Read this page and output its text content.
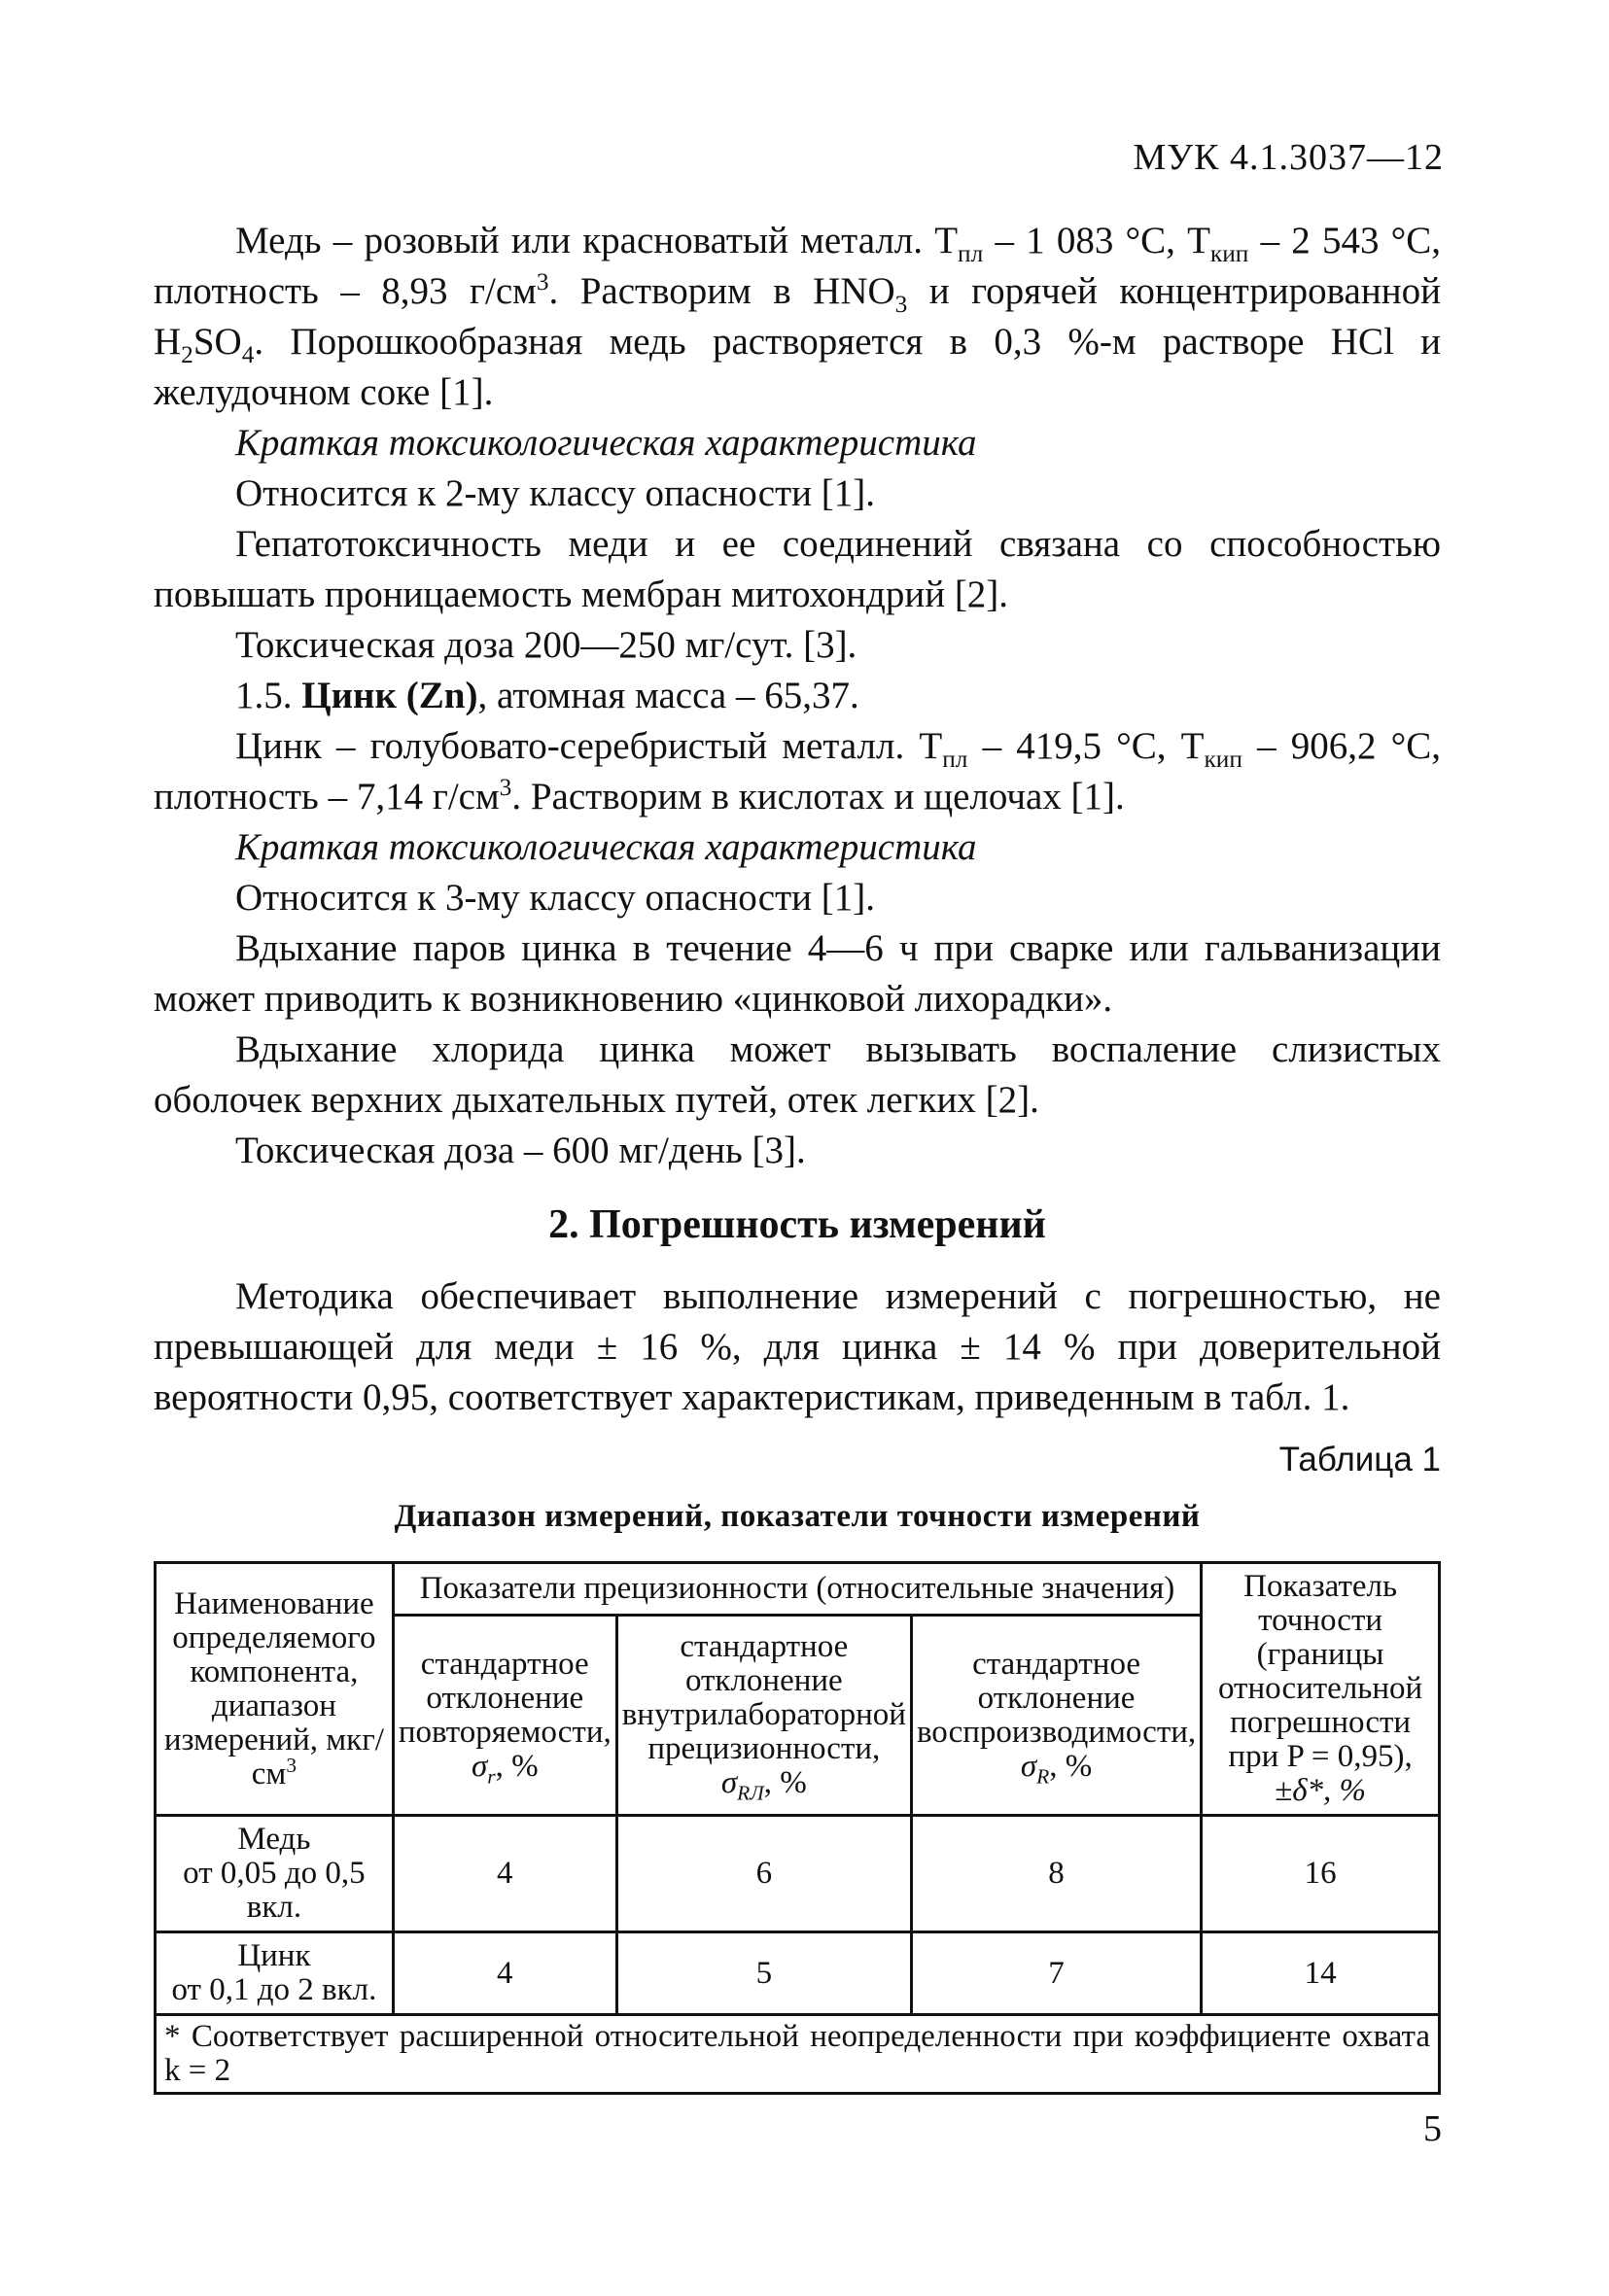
МУК 4.1.3037—12

Медь – розовый или красноватый металл. $T_{пл} - 1$ 083 °С, $T_{кип} - 2$ 543 °С, плотность – 8,93 $г/см^3$. Растворим в $HNO_3$ и горячей концентрированной $H_2SO_4$. Порошкообразная медь растворяется в 0,3 %-м растворе HCl и желудочном соке [1].

Краткая токсикологическая характеристика

Относится к 2-му классу опасности [1].

Гепатотоксичность меди и ее соединений связана со способностью повышать проницаемость мембран митохондрий [2].

Токсическая доза 200—250 мг/сут. [3].

1.5. Цинк (Zn), атомная масса – 65,37.

Цинк – голубовато-серебристый металл. $T_{пл} - 419,5$ °С, $T_{кип} - 906,2$ °С, плотность – 7,14 $г/см^3$. Растворим в кислотах и щелочах [1].

Краткая токсикологическая характеристика

Относится к 3-му классу опасности [1].

Вдыхание паров цинка в течение 4—6 ч при сварке или гальванизации может приводить к возникновению «цинковой лихорадки».

Вдыхание хлорида цинка может вызывать воспаление слизистых оболочек верхних дыхательных путей, отек легких [2].

Токсическая доза – 600 мг/день [3].

2. Погрешность измерений

Методика обеспечивает выполнение измерений с погрешностью, не превышающей для меди ± 16 %, для цинка ± 14 % при доверительной вероятности 0,95, соответствует характеристикам, приведенным в табл. 1.

Таблица 1

Диапазон измерений, показатели точности измерений

Наименование определяемого компонента, диапазон измерений, мкг/$см^3$	Показатели прецизионности (относительные значения)			Показатель точности (границы относительной погрешности при P = 0,95),
±δ*, %
	стандартное отклонение повторяемости,
$\sigma_r$, %	стандартное отклонение внутрилабораторной прецизионности, $\sigma_{RЛ}$, %	стандартное отклонение воспроизводимости,
$\sigma_R$, %	
Медь
от 0,05 до 0,5 вкл.	4	6	8	16
Цинк
от 0,1 до 2 вкл.	4	5	7	14
* Соответствует расширенной относительной неопределенности при коэффициенте охвата k = 2				
5
